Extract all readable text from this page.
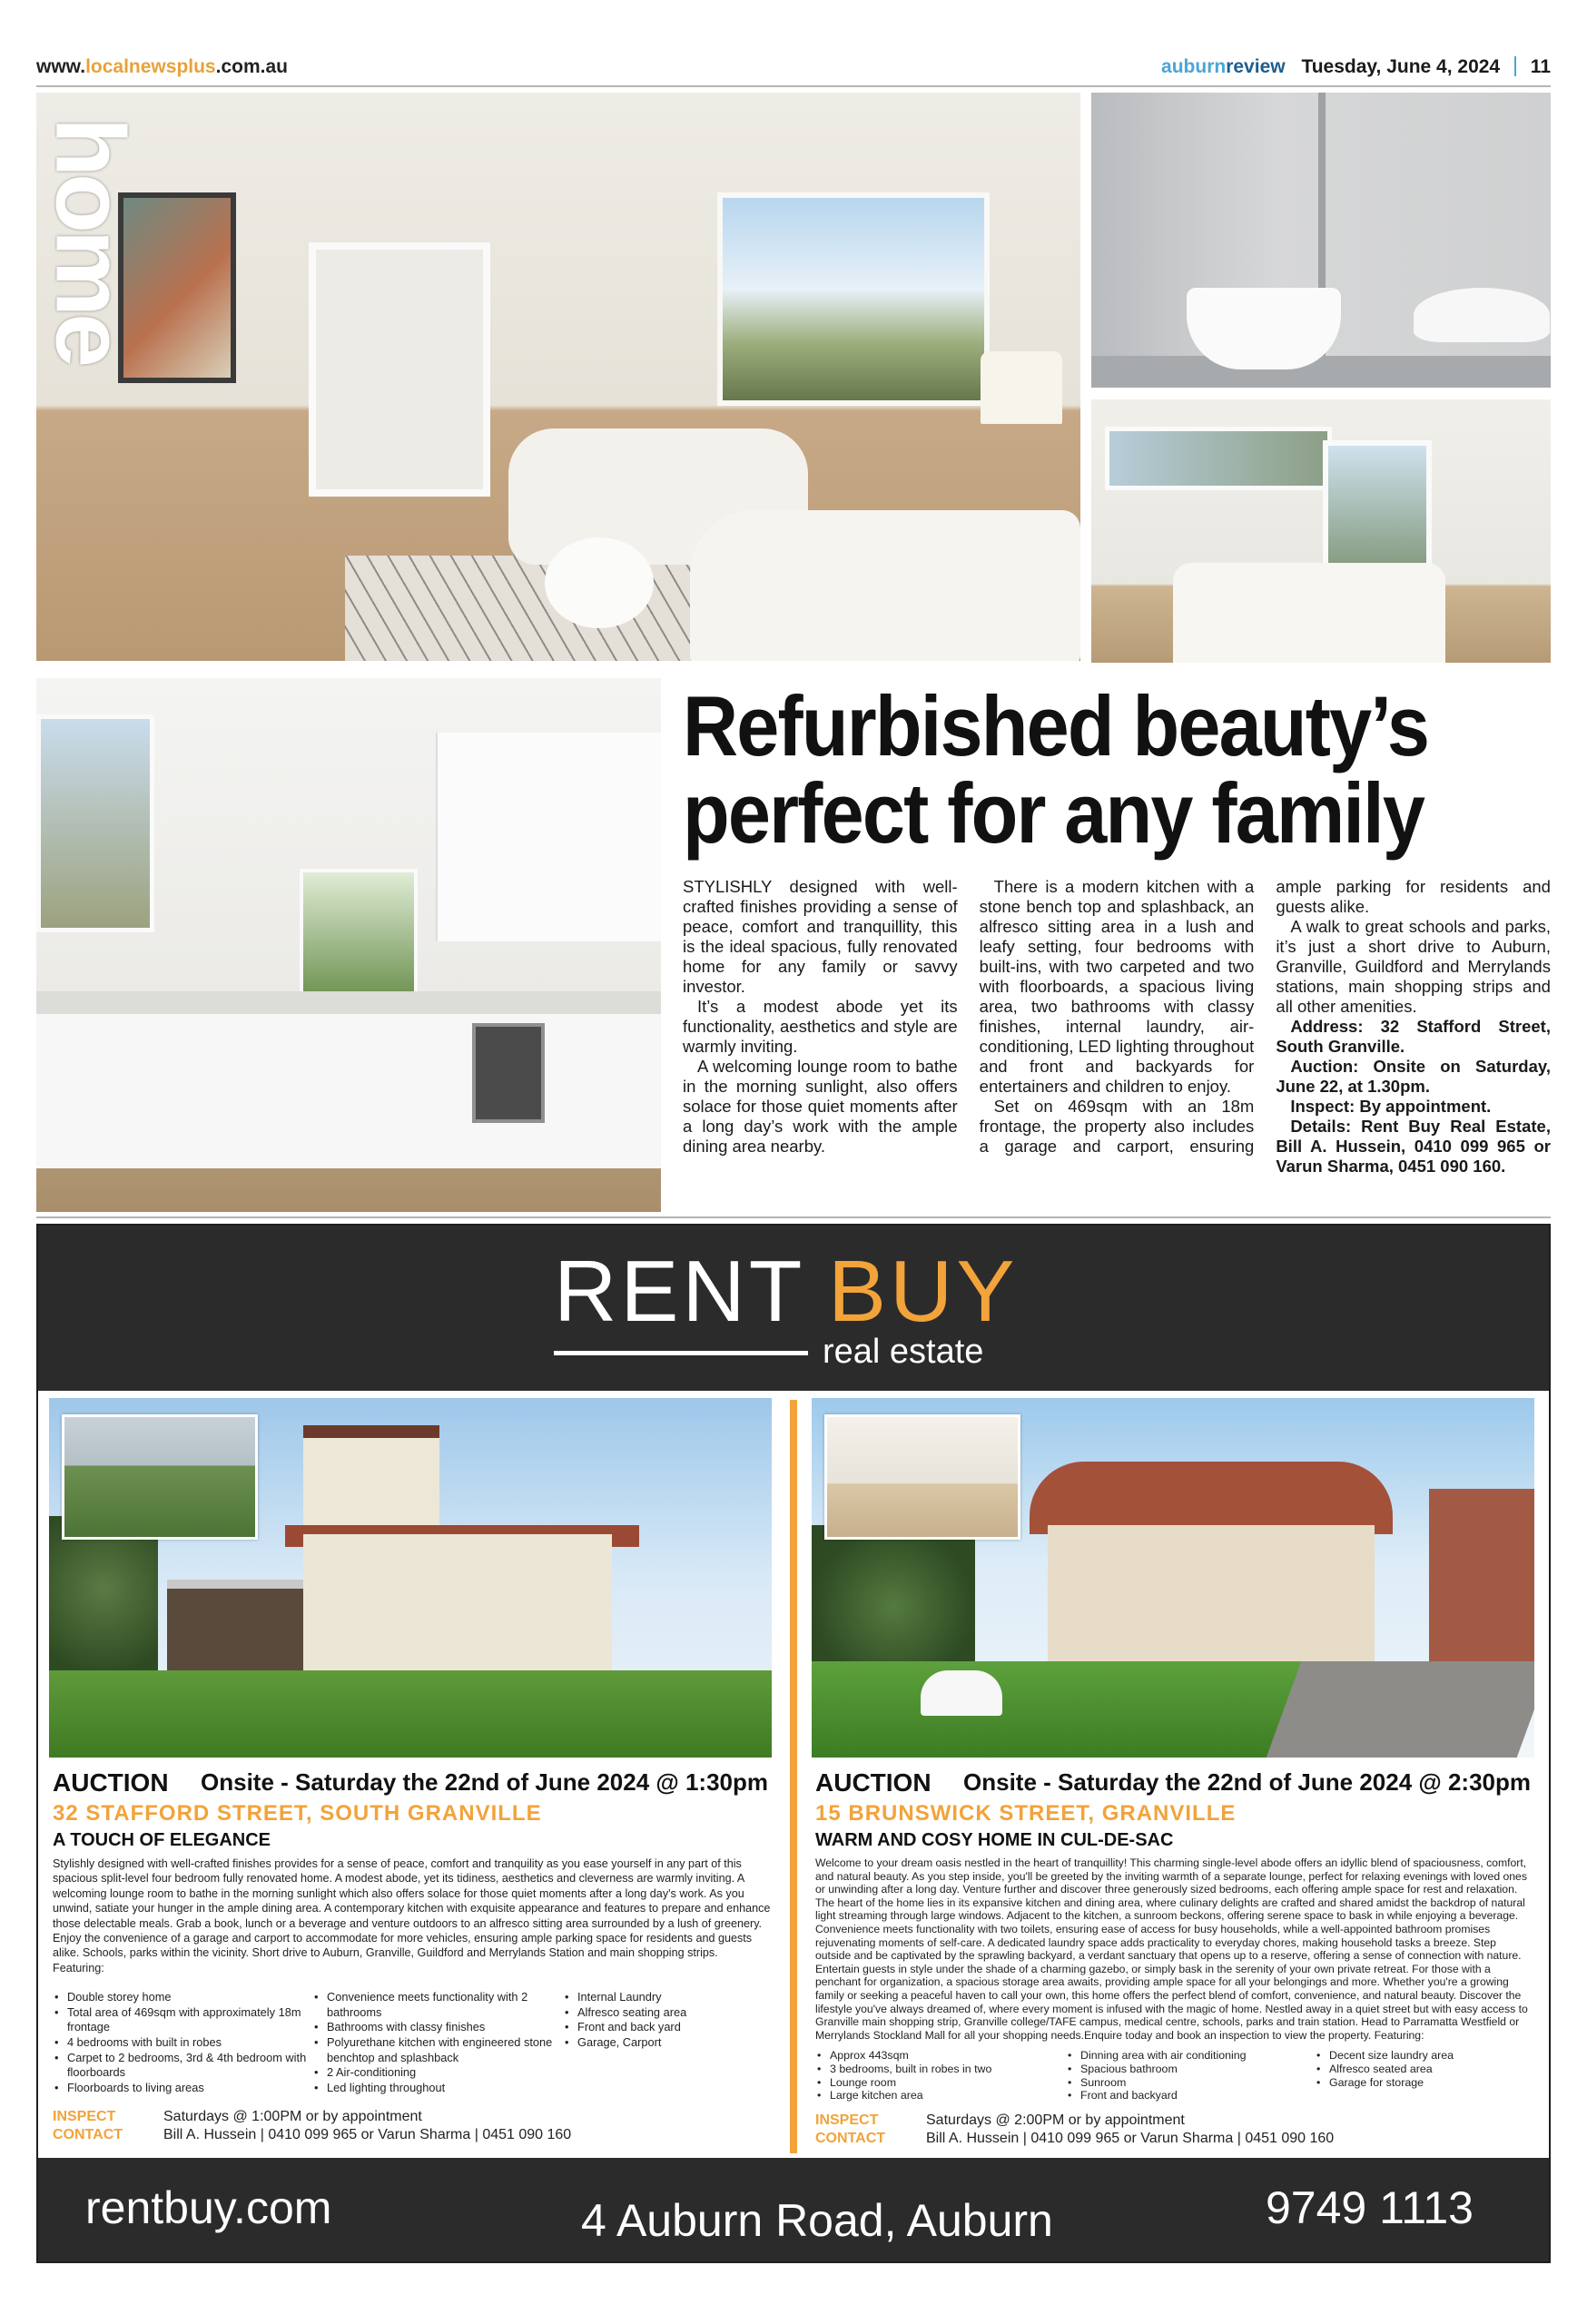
www.localnewsplus.com.au	auburnreview Tuesday, June 4, 2024 11
home
Refurbished beauty’s perfect for any family

STYLISHLY designed with well-crafted finishes providing a sense of peace, comfort and tranquillity, this is the ideal spacious, fully renovated home for any family or savvy investor.

It’s a modest abode yet its functionality, aesthetics and style are warmly inviting.

A welcoming lounge room to bathe in the morning sunlight, also offers solace for those quiet moments after a long day’s work with the ample dining area nearby.

There is a modern kitchen with a stone bench top and splashback, an alfresco sitting area in a lush and leafy setting, four bedrooms with built-ins, with two carpeted and two with floorboards, a spacious living area, two bathrooms with classy finishes, internal laundry, air-conditioning, LED lighting throughout and front and backyards for entertainers and children to enjoy.

Set on 469sqm with an 18m frontage, the property also includes a garage and carport, ensuring ample parking for residents and guests alike.

A walk to great schools and parks, it’s just a short drive to Auburn, Granville, Guildford and Merrylands stations, main shopping strips and all other amenities.

Address: 32 Stafford Street, South Granville.

Auction: Onsite on Saturday, June 22, at 1.30pm.

Inspect: By appointment.

Details: Rent Buy Real Estate, Bill A. Hussein, 0410 099 965 or Varun Sharma, 0451 090 160.

RENT BUY
real estate
AUCTION Onsite - Saturday the 22nd of June 2024 @ 1:30pm
32 STAFFORD STREET, SOUTH GRANVILLE
A TOUCH OF ELEGANCE
Stylishly designed with well-crafted finishes provides for a sense of peace, comfort and tranquility as you ease yourself in any part of this spacious split-level four bedroom fully renovated home. A modest abode, yet its tidiness, aesthetics and cleverness are warmly inviting. A welcoming lounge room to bathe in the morning sunlight which also offers solace for those quiet moments after a long day's work. As you unwind, satiate your hunger in the ample dining area. A contemporary kitchen with exquisite appearance and features to prepare and enhance those delectable meals. Grab a book, lunch or a beverage and venture outdoors to an alfresco sitting area surrounded by a lush of greenery. Enjoy the convenience of a garage and carport to accommodate for more vehicles, ensuring ample parking space for residents and guests alike. Schools, parks within the vicinity. Short drive to Auburn, Granville, Guildford and Merrylands Station and main shopping strips. Featuring:
• Double storey home
• Total area of 469sqm with approximately 18m frontage
• 4 bedrooms with built in robes
• Carpet to 2 bedrooms, 3rd & 4th bedroom with floorboards
• Floorboards to living areas
• Convenience meets functionality with 2 bathrooms
• Bathrooms with classy finishes
• Polyurethane kitchen with engineered stone benchtop and splashback
• 2 Air-conditioning
• Led lighting throughout
• Internal Laundry
• Alfresco seating area
• Front and back yard
• Garage, Carport
INSPECT	Saturdays @ 1:00PM or by appointment
CONTACT	Bill A. Hussein | 0410 099 965 or Varun Sharma | 0451 090 160
AUCTION Onsite - Saturday the 22nd of June 2024 @ 2:30pm
15 BRUNSWICK STREET, GRANVILLE
WARM AND COSY HOME IN CUL-DE-SAC
Welcome to your dream oasis nestled in the heart of tranquillity! This charming single-level abode offers an idyllic blend of spaciousness, comfort, and natural beauty. As you step inside, you'll be greeted by the inviting warmth of a separate lounge, perfect for relaxing evenings with loved ones or unwinding after a long day. Venture further and discover three generously sized bedrooms, each offering ample space for rest and relaxation. The heart of the home lies in its expansive kitchen and dining area, where culinary delights are crafted and shared amidst the backdrop of natural light streaming through large windows. Adjacent to the kitchen, a sunroom beckons, offering serene space to bask in while enjoying a beverage. Convenience meets functionality with two toilets, ensuring ease of access for busy households, while a well-appointed bathroom promises rejuvenating moments of self-care. A dedicated laundry space adds practicality to everyday chores, making household tasks a breeze. Step outside and be captivated by the sprawling backyard, a verdant sanctuary that opens up to a reserve, offering a sense of connection with nature. Entertain guests in style under the shade of a charming gazebo, or simply bask in the serenity of your own private retreat. For those with a penchant for organization, a spacious storage area awaits, providing ample space for all your belongings and more. Whether you're a growing family or seeking a peaceful haven to call your own, this home offers the perfect blend of comfort, convenience, and natural beauty. Discover the lifestyle you've always dreamed of, where every moment is infused with the magic of home. Nestled away in a quiet street but with easy access to Granville main shopping strip, Granville college/TAFE campus, medical centre, schools, parks and train station. Head to Parramatta Westfield or Merrylands Stockland Mall for all your shopping needs.Enquire today and book an inspection to view the property. Featuring:
• Approx 443sqm
• 3 bedrooms, built in robes in two
• Lounge room
• Large kitchen area
• Dinning area with air conditioning
• Spacious bathroom
• Sunroom
• Front and backyard
• Decent size laundry area
• Alfresco seated area
• Garage for storage
INSPECT	Saturdays @ 2:00PM or by appointment
CONTACT	Bill A. Hussein | 0410 099 965 or Varun Sharma | 0451 090 160
rentbuy.com	4 Auburn Road, Auburn	9749 1113
